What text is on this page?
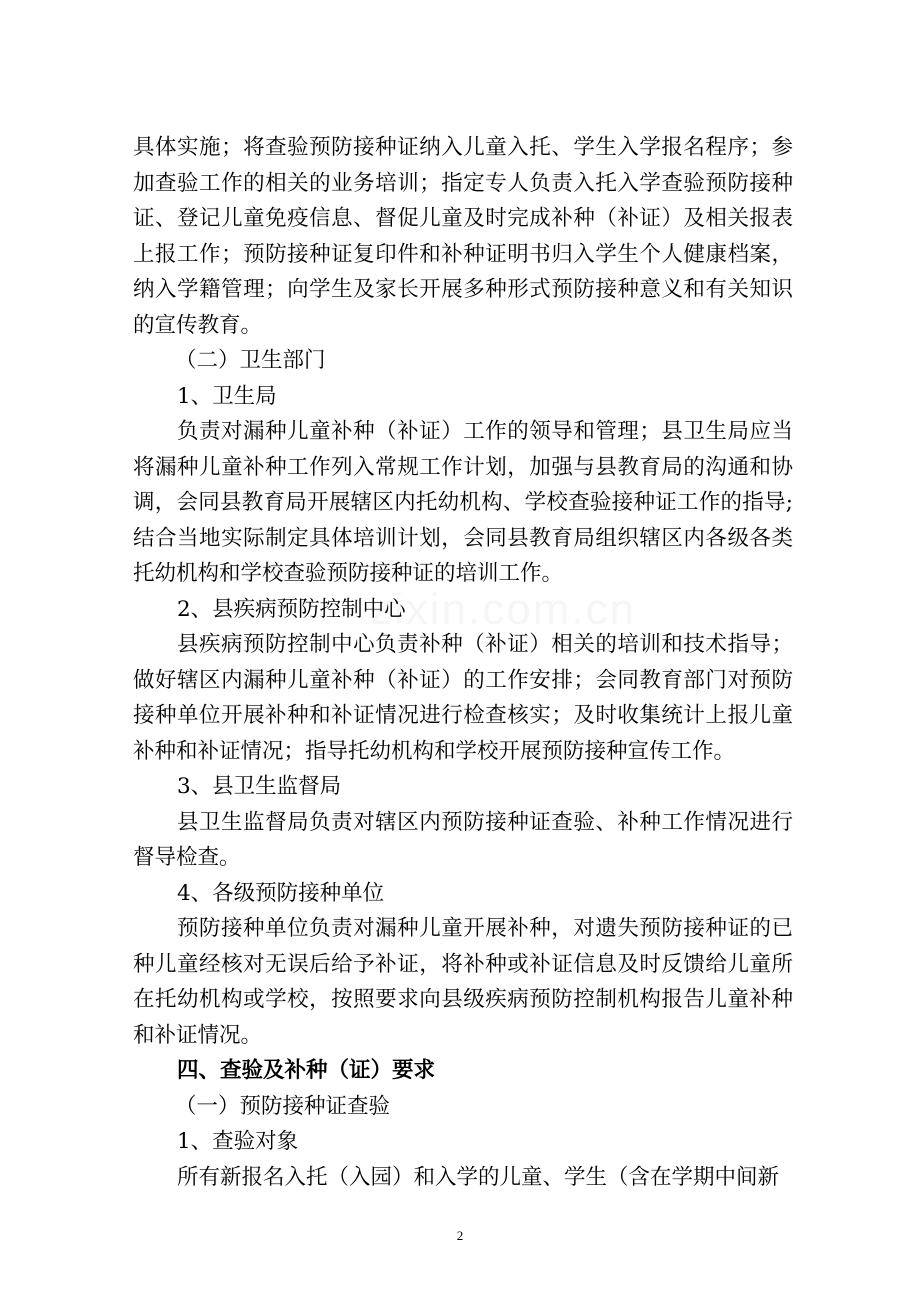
zixin.com.cn

具体实施；将查验预防接种证纳入儿童入托、学生入学报名程序；参加查验工作的相关的业务培训；指定专人负责入托入学查验预防接种证、登记儿童免疫信息、督促儿童及时完成补种（补证）及相关报表上报工作；预防接种证复印件和补种证明书归入学生个人健康档案，纳入学籍管理；向学生及家长开展多种形式预防接种意义和有关知识的宣传教育。

（二）卫生部门

1、卫生局

负责对漏种儿童补种（补证）工作的领导和管理；县卫生局应当将漏种儿童补种工作列入常规工作计划，加强与县教育局的沟通和协调，会同县教育局开展辖区内托幼机构、学校查验接种证工作的指导;结合当地实际制定具体培训计划，会同县教育局组织辖区内各级各类托幼机构和学校查验预防接种证的培训工作。

2、县疾病预防控制中心

县疾病预防控制中心负责补种（补证）相关的培训和技术指导；做好辖区内漏种儿童补种（补证）的工作安排；会同教育部门对预防接种单位开展补种和补证情况进行检查核实；及时收集统计上报儿童补种和补证情况；指导托幼机构和学校开展预防接种宣传工作。

3、县卫生监督局

县卫生监督局负责对辖区内预防接种证查验、补种工作情况进行督导检查。

4、各级预防接种单位

预防接种单位负责对漏种儿童开展补种，对遗失预防接种证的已种儿童经核对无误后给予补证，将补种或补证信息及时反馈给儿童所在托幼机构或学校，按照要求向县级疾病预防控制机构报告儿童补种和补证情况。

四、查验及补种（证）要求

（一）预防接种证查验

1、查验对象

所有新报名入托（入园）和入学的儿童、学生（含在学期中间新

2
